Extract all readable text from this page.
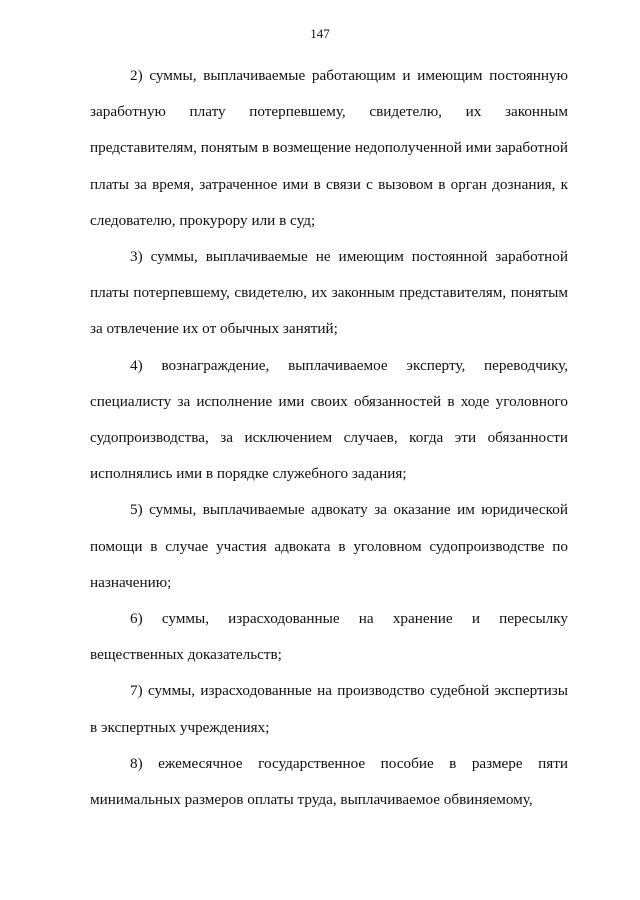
147

2) суммы, выплачиваемые работающим и имеющим постоянную заработную плату потерпевшему, свидетелю, их законным представителям, понятым в возмещение недополученной ими заработной платы за время, затраченное ими в связи с вызовом в орган дознания, к следователю, прокурору или в суд;

3) суммы, выплачиваемые не имеющим постоянной заработной платы потерпевшему, свидетелю, их законным представителям, понятым за отвлечение их от обычных занятий;

4) вознаграждение, выплачиваемое эксперту, переводчику, специалисту за исполнение ими своих обязанностей в ходе уголовного судопроизводства, за исключением случаев, когда эти обязанности исполнялись ими в порядке служебного задания;

5) суммы, выплачиваемые адвокату за оказание им юридической помощи в случае участия адвоката в уголовном судопроизводстве по назначению;

6) суммы, израсходованные на хранение и пересылку вещественных доказательств;

7) суммы, израсходованные на производство судебной экспертизы в экспертных учреждениях;

8) ежемесячное государственное пособие в размере пяти минимальных размеров оплаты труда, выплачиваемое обвиняемому,
